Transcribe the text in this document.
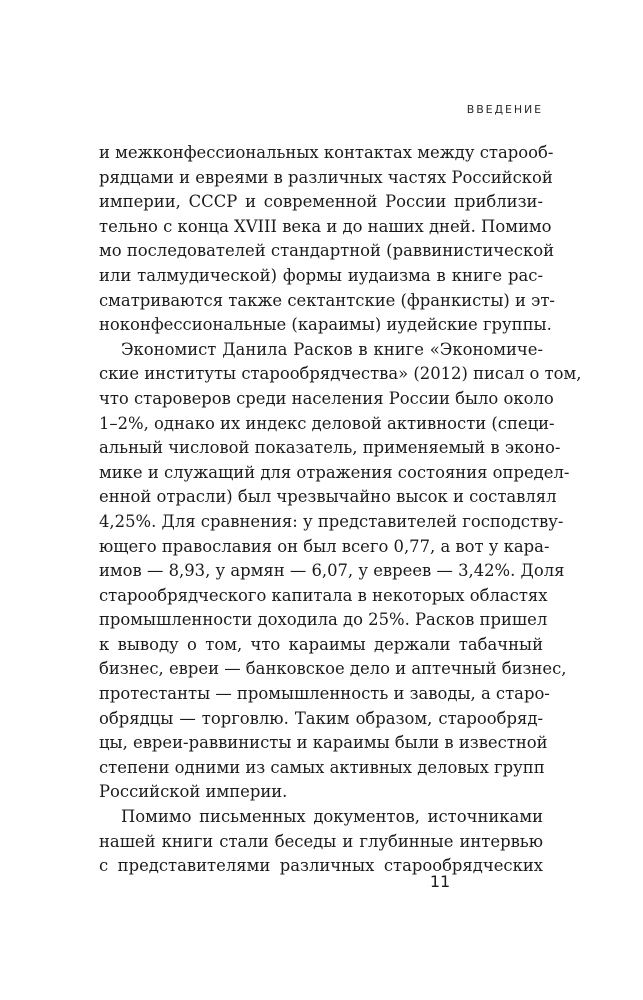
ВВЕДЕНИЕ
и межконфессиональных контактах между старооб-
рядцами и евреями в различных частях Российской
империи, СССР и современной России приблизи-
тельно с конца XVIII века и до наших дней. Помимо
мо последователей стандартной (раввинистической
или талмудической) формы иудаизма в книге рас-
сматриваются также сектантские (франкисты) и эт-
ноконфессиональные (караимы) иудейские группы.
Экономист Данила Расков в книге «Экономиче-
ские институты старообрядчества» (2012) писал о том,
что староверов среди населения России было около
1–2%, однако их индекс деловой активности (специ-
альный числовой показатель, применяемый в эконо-
мике и служащий для отражения состояния определ-
енной отрасли) был чрезвычайно высок и составлял
4,25%. Для сравнения: у представителей господству-
ющего православия он был всего 0,77, а вот у кара-
имов — 8,93, у армян — 6,07, у евреев — 3,42%. Доля
старообрядческого капитала в некоторых областях
промышленности доходила до 25%. Расков пришел
к выводу о том, что караимы держали табачный
бизнес, евреи — банковское дело и аптечный бизнес,
протестанты — промышленность и заводы, а старо-
обрядцы — торговлю. Таким образом, старообряд-
цы, евреи-раввинисты и караимы были в известной
степени одними из самых активных деловых групп
Российской империи.
Помимо письменных документов, источниками
нашей книги стали беседы и глубинные интервью
с представителями различных старообрядческих
11
